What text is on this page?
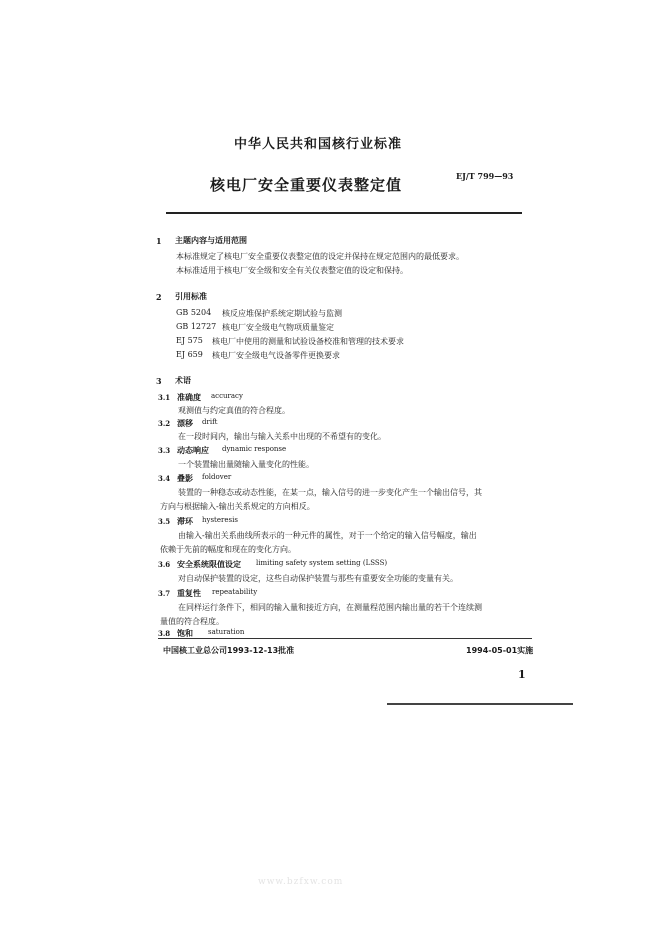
中华人民共和国核行业标准
核电厂安全重要仪表整定值	EJ/T 799—93
1 主题内容与适用范围
本标准规定了核电厂安全重要仪表整定值的设定并保持在规定范围内的最低要求。
本标准适用于核电厂安全级和安全有关仪表整定值的设定和保持。
2 引用标准
GB 5204 核反应堆保护系统定期试验与监测
GB 12727 核电厂安全级电气物项质量鉴定
EJ 575 核电厂中使用的测量和试验设备校准和管理的技术要求
EJ 659 核电厂安全级电气设备零件更换要求
3 术语
3.1 准确度 accuracy
观测值与约定真值的符合程度。
3.2 漂移 drift
在一段时间内，输出与输入关系中出现的不希望有的变化。
3.3 动态响应 dynamic response
一个装置输出量随输入量变化的性能。
3.4 叠影 foldover
装置的一种稳态或动态性能，在某一点，输入信号的进一步变化产生一个输出信号，其
方向与根据输入-输出关系规定的方向相反。
3.5 滞环 hysteresis
由输入-输出关系曲线所表示的一种元件的属性，对于一个给定的输入信号幅度，输出
依赖于先前的幅度和现在的变化方向。
3.6 安全系统限值设定 limiting safety system setting (LSSS)
对自动保护装置的设定，这些自动保护装置与那些有重要安全功能的变量有关。
3.7 重复性 repeatability
在同样运行条件下，相同的输入量和接近方向，在测量程范围内输出量的若干个连续测
量值的符合程度。
3.8 饱和 saturation
中国核工业总公司1993-12-13批准	1994-05-01实施
1
www.bzfxw.com
